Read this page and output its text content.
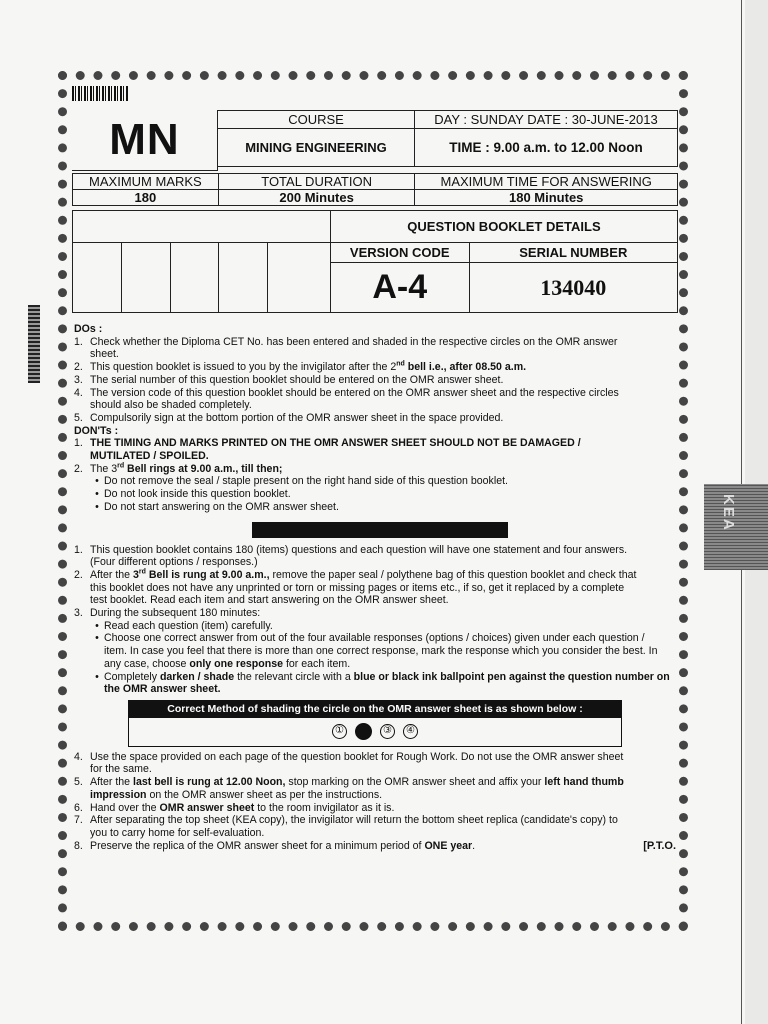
KEA
MN	COURSE	DAY : SUNDAY DATE : 30-JUNE-2013
	MINING ENGINEERING	TIME : 9.00 a.m. to 12.00 Noon

MAXIMUM MARKS	TOTAL DURATION	MAXIMUM TIME FOR ANSWERING
180	200 Minutes	180 Minutes
					QUESTION BOOKLET DETAILS	
					VERSION CODE	SERIAL NUMBER
					A-4	134040

DOs :

1. Check whether the Diploma CET No. has been entered and shaded in the respective circles on the OMR answer

sheet.

2. This question booklet is issued to you by the invigilator after the 2nd bell i.e., after 08.50 a.m.

3. The serial number of this question booklet should be entered on the OMR answer sheet.

4. The version code of this question booklet should be entered on the OMR answer sheet and the respective circles

should also be shaded completely.

5. Compulsorily sign at the bottom portion of the OMR answer sheet in the space provided.

DON'Ts :

1. THE TIMING AND MARKS PRINTED ON THE OMR ANSWER SHEET SHOULD NOT BE DAMAGED /

MUTILATED / SPOILED.

2. The 3rd Bell rings at 9.00 a.m., till then;

• Do not remove the seal / staple present on the right hand side of this question booklet.

• Do not look inside this question booklet.

• Do not start answering on the OMR answer sheet.

1. This question booklet contains 180 (items) questions and each question will have one statement and four answers.

(Four different options / responses.)

2. After the 3rd Bell is rung at 9.00 a.m., remove the paper seal / polythene bag of this question booklet and check that

this booklet does not have any unprinted or torn or missing pages or items etc., if so, get it replaced by a complete

test booklet. Read each item and start answering on the OMR answer sheet.

3. During the subsequent 180 minutes:

• Read each question (item) carefully.

• Choose one correct answer from out of the four available responses (options / choices) given under each question / item. In case you feel that there is more than one correct response, mark the response which you consider the best. In any case, choose only one response for each item.

• Completely darken / shade the relevant circle with a blue or black ink ballpoint pen against the question number on the OMR answer sheet.

Correct Method of shading the circle on the OMR answer sheet is as shown below :
①	③	④

4. Use the space provided on each page of the question booklet for Rough Work. Do not use the OMR answer sheet

for the same.

5. After the last bell is rung at 12.00 Noon, stop marking on the OMR answer sheet and affix your left hand thumb

impression on the OMR answer sheet as per the instructions.

6. Hand over the OMR answer sheet to the room invigilator as it is.

7. After separating the top sheet (KEA copy), the invigilator will return the bottom sheet replica (candidate's copy) to

you to carry home for self-evaluation.

8. Preserve the replica of the OMR answer sheet for a minimum period of ONE year.	[P.T.O.
